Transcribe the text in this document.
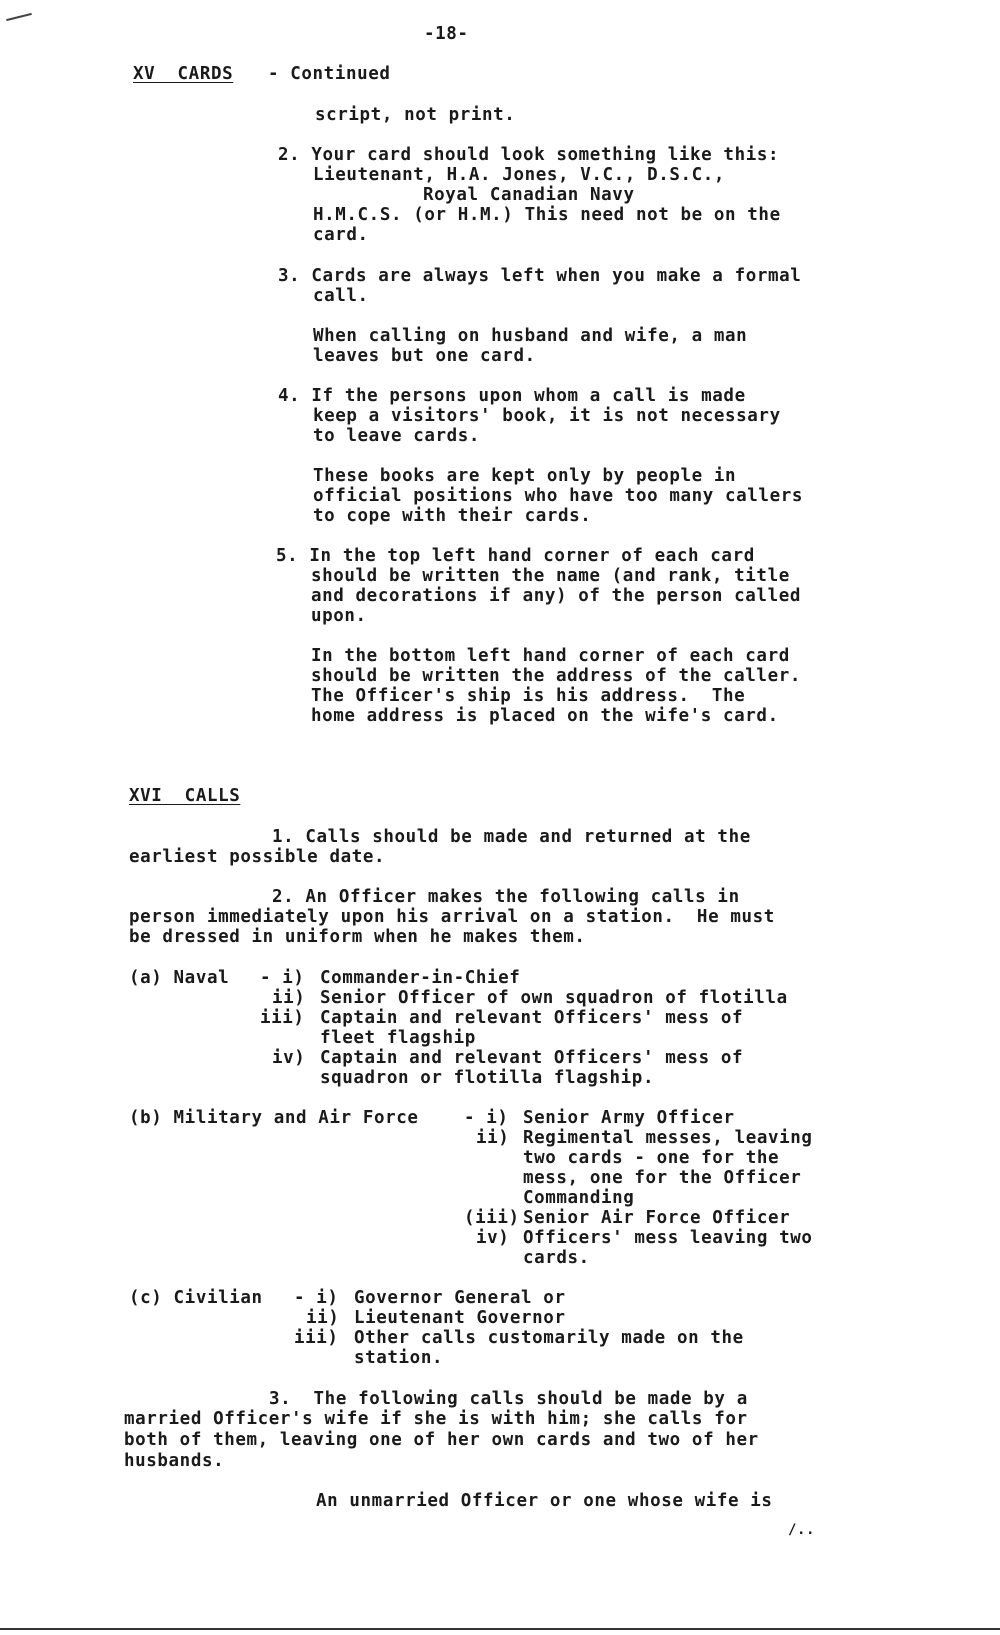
-18-
XV  CARDS - Continued
script, not print.
2. Your card should look something like this:
Lieutenant, H.A. Jones, V.C., D.S.C.,
Royal Canadian Navy
H.M.C.S. (or H.M.) This need not be on the
card.
3. Cards are always left when you make a formal
call.
When calling on husband and wife, a man
leaves but one card.
4. If the persons upon whom a call is made
keep a visitors' book, it is not necessary
to leave cards.
These books are kept only by people in
official positions who have too many callers
to cope with their cards.
5. In the top left hand corner of each card
should be written the name (and rank, title
and decorations if any) of the person called
upon.
In the bottom left hand corner of each card
should be written the address of the caller.
The Officer's ship is his address.  The
home address is placed on the wife's card.
XVI  CALLS
1. Calls should be made and returned at the
earliest possible date.
2. An Officer makes the following calls in
person immediately upon his arrival on a station.  He must
be dressed in uniform when he makes them.
(a) Naval - i) Commander-in-Chief
ii) Senior Officer of own squadron of flotilla
iii) Captain and relevant Officers' mess of
fleet flagship
iv) Captain and relevant Officers' mess of
squadron or flotilla flagship.
(b) Military and Air Force	- i) Senior Army Officer
ii) Regimental messes, leaving
two cards - one for the
mess, one for the Officer
Commanding
(iii) Senior Air Force Officer
iv) Officers' mess leaving two
cards.
(c) Civilian - i) Governor General or
ii) Lieutenant Governor
iii) Other calls customarily made on the
station.
3.  The following calls should be made by a
married Officer's wife if she is with him; she calls for
both of them, leaving one of her own cards and two of her
husbands.
An unmarried Officer or one whose wife is
/..
